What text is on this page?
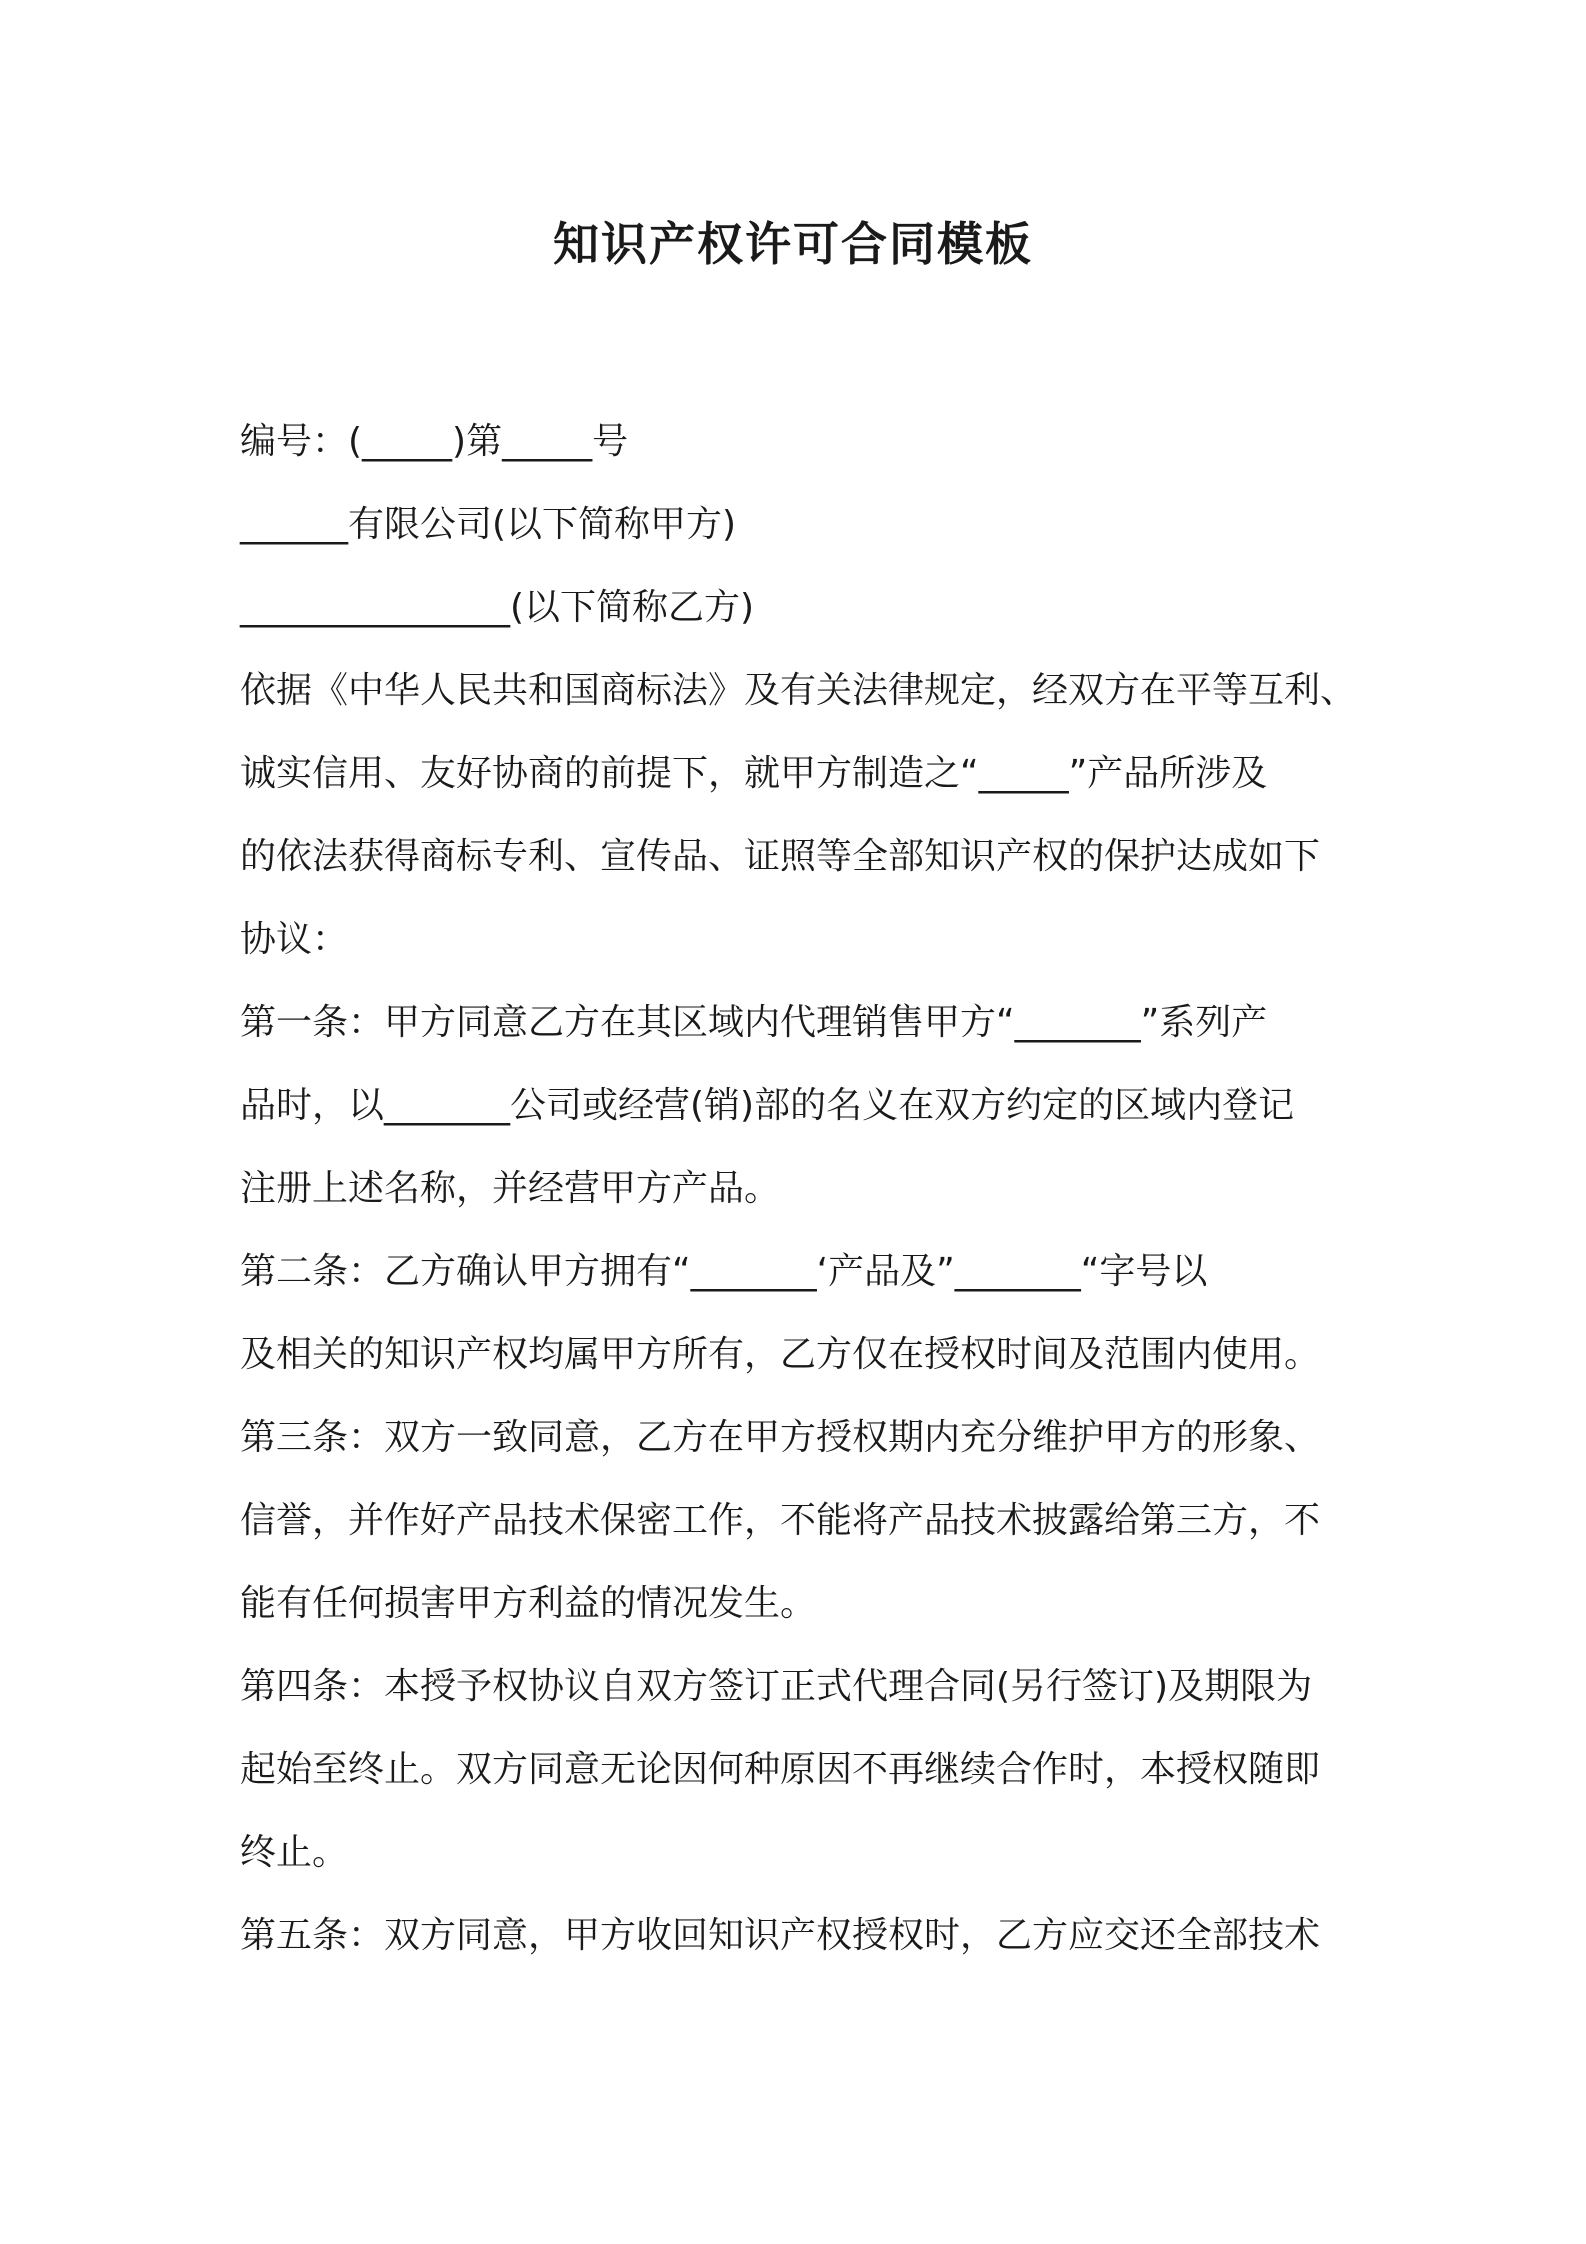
知识产权许可合同模板

编号：(_____)第_____号

______有限公司(以下简称甲方)

_______________(以下简称乙方)

依据《中华人民共和国商标法》及有关法律规定，经双方在平等互利、

诚实信用、友好协商的前提下，就甲方制造之“_____”产品所涉及

的依法获得商标专利、宣传品、证照等全部知识产权的保护达成如下

协议：

第一条：甲方同意乙方在其区域内代理销售甲方“_______”系列产

品时，以_______公司或经营(销)部的名义在双方约定的区域内登记

注册上述名称，并经营甲方产品。

第二条：乙方确认甲方拥有“_______‘产品及”_______“字号以

及相关的知识产权均属甲方所有，乙方仅在授权时间及范围内使用。

第三条：双方一致同意，乙方在甲方授权期内充分维护甲方的形象、

信誉，并作好产品技术保密工作，不能将产品技术披露给第三方，不

能有任何损害甲方利益的情况发生。

第四条：本授予权协议自双方签订正式代理合同(另行签订)及期限为

起始至终止。双方同意无论因何种原因不再继续合作时，本授权随即

终止。

第五条：双方同意，甲方收回知识产权授权时，乙方应交还全部技术
